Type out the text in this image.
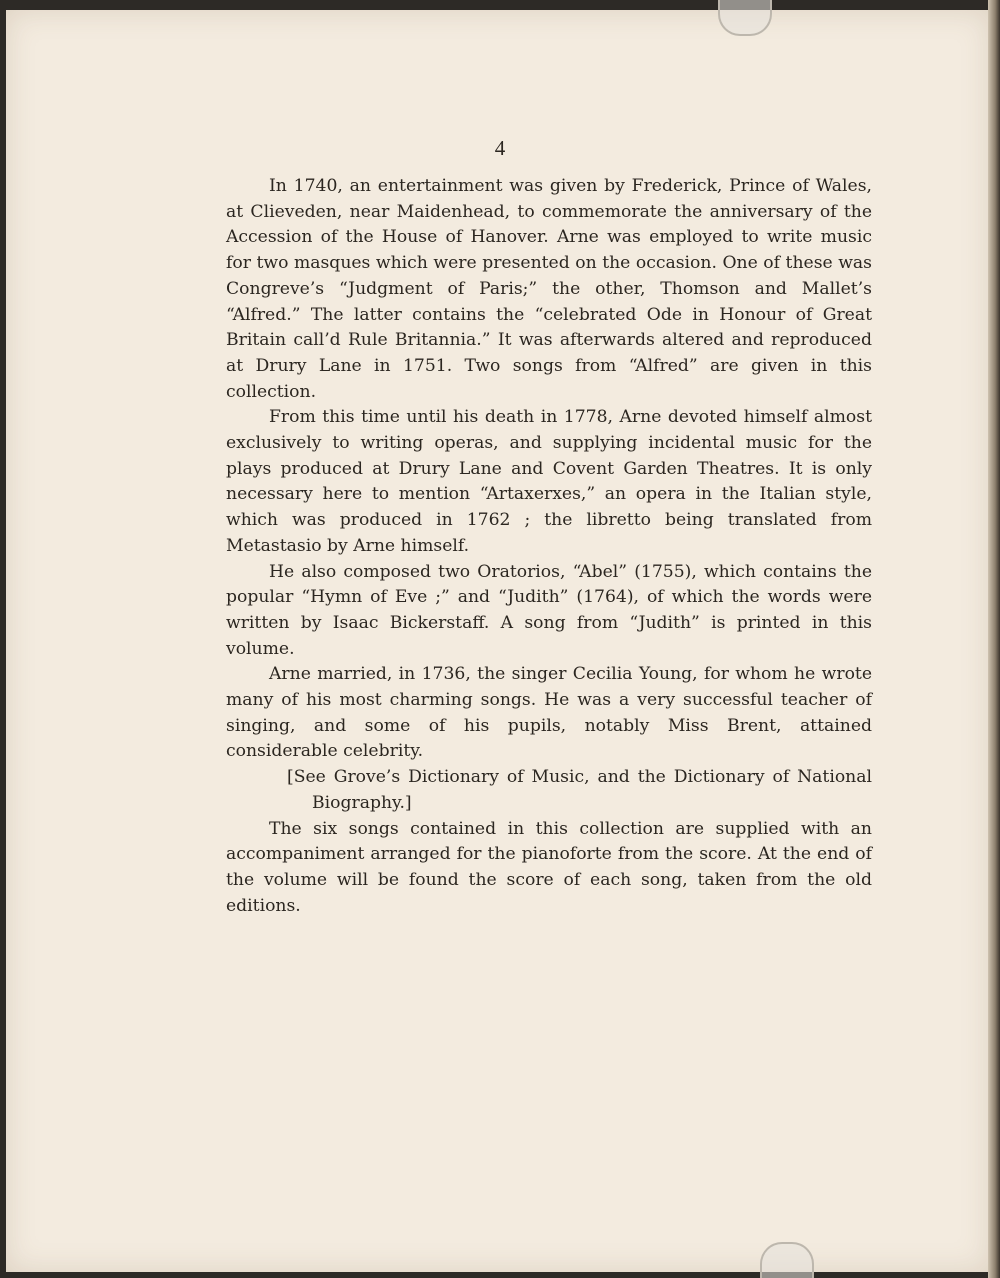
4

In 1740, an entertainment was given by Frederick, Prince of Wales, at Clieveden, near Maidenhead, to commemorate the anniversary of the Accession of the House of Hanover. Arne was employed to write music for two masques which were presented on the occasion. One of these was Congreve’s “Judgment of Paris;” the other, Thomson and Mallet’s “Alfred.” The latter contains the “celebrated Ode in Honour of Great Britain call’d Rule Britannia.” It was afterwards altered and reproduced at Drury Lane in 1751. Two songs from “Alfred” are given in this collection.

From this time until his death in 1778, Arne devoted himself almost exclusively to writing operas, and supplying incidental music for the plays produced at Drury Lane and Covent Garden Theatres. It is only necessary here to mention “Artaxerxes,” an opera in the Italian style, which was produced in 1762 ; the libretto being translated from Metastasio by Arne himself.

He also composed two Oratorios, “Abel” (1755), which contains the popular “Hymn of Eve ;” and “Judith” (1764), of which the words were written by Isaac Bickerstaff. A song from “Judith” is printed in this volume.

Arne married, in 1736, the singer Cecilia Young, for whom he wrote many of his most charming songs. He was a very successful teacher of singing, and some of his pupils, notably Miss Brent, attained considerable celebrity.

[See Grove’s Dictionary of Music, and the Dictionary of National Biography.]

The six songs contained in this collection are supplied with an accompaniment arranged for the pianoforte from the score. At the end of the volume will be found the score of each song, taken from the old editions.
